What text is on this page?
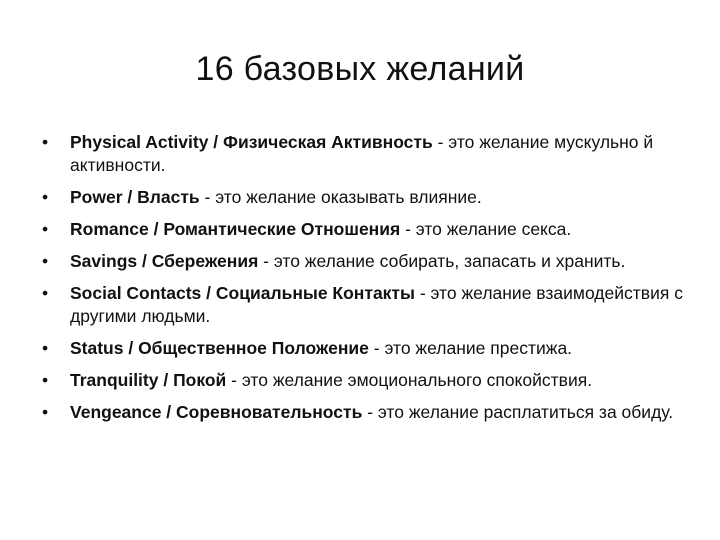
16 базовых желаний
•	Physical Activity / Физическая Активность - это желание мускульно й активности.
•	Power / Власть - это желание оказывать влияние.
•	Romance / Романтические Отношения - это желание секса.
•	Savings / Сбережения - это желание собирать, запасать и хранить.
•	Social Contacts / Социальные Контакты - это желание взаимодействия с другими людьми.
•	Status / Общественное Положение - это желание престижа.
•	Tranquility / Покой - это желание эмоционального спокойствия.
•	Vengeance / Соревновательность - это желание расплатиться за обиду.
